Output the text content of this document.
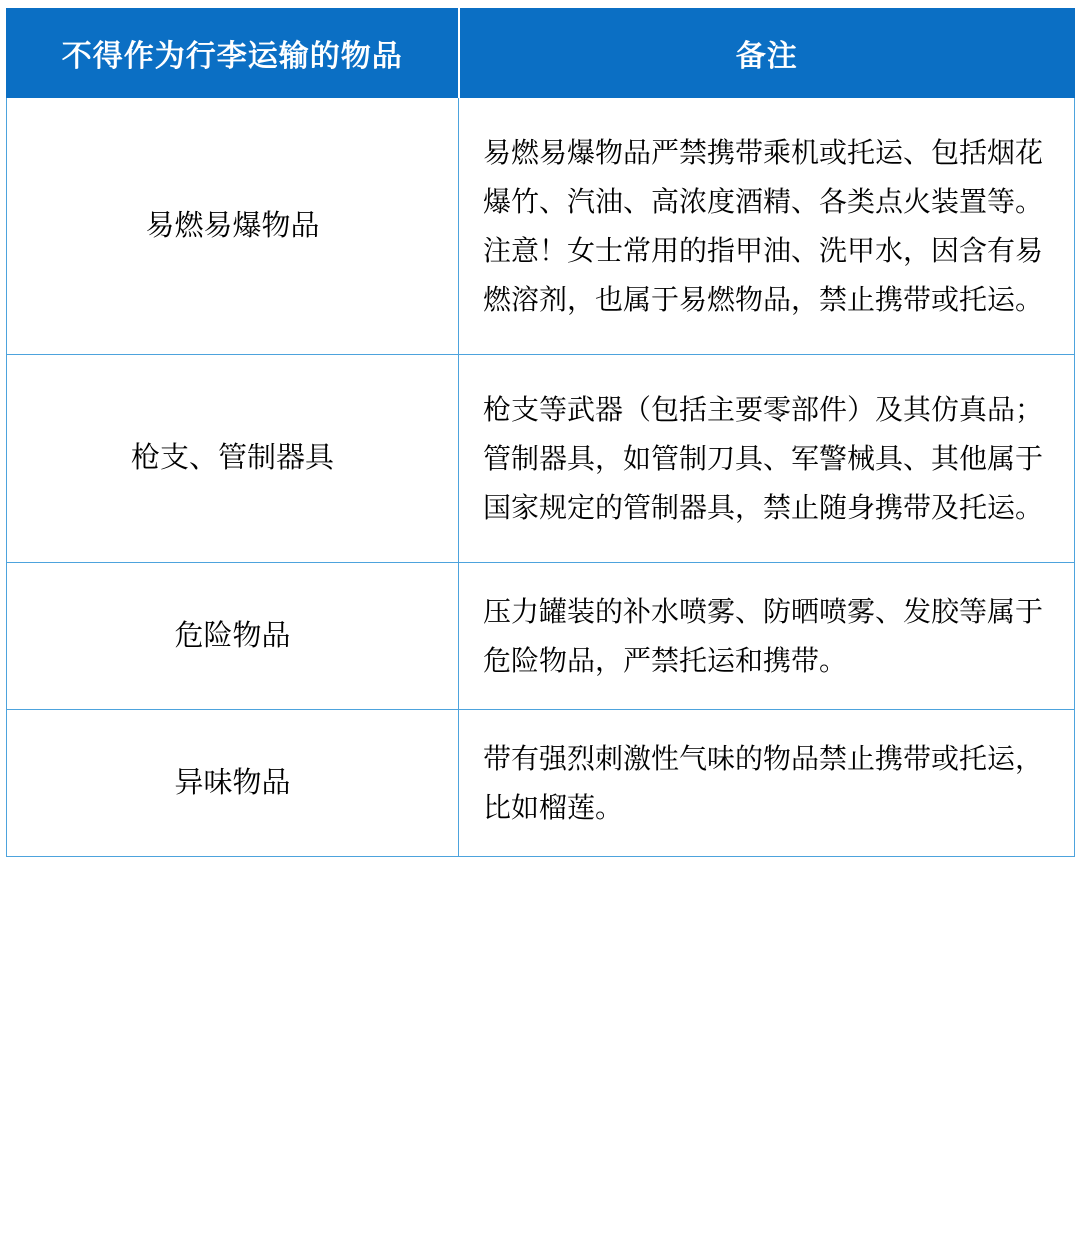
不得作为行李运输的物品	备注
易燃易爆物品	易燃易爆物品严禁携带乘机或托运、包括烟花爆竹、汽油、高浓度酒精、各类点火装置等。

注意！女士常用的指甲油、洗甲水，因含有易燃溶剂，也属于易燃物品，禁止携带或托运。

枪支、管制器具	枪支等武器（包括主要零部件）及其仿真品；管制器具，如管制刀具、军警械具、其他属于国家规定的管制器具，禁止随身携带及托运。

危险物品	压力罐装的补水喷雾、防晒喷雾、发胶等属于危险物品，严禁托运和携带。

异味物品	带有强烈刺激性气味的物品禁止携带或托运，比如榴莲。
